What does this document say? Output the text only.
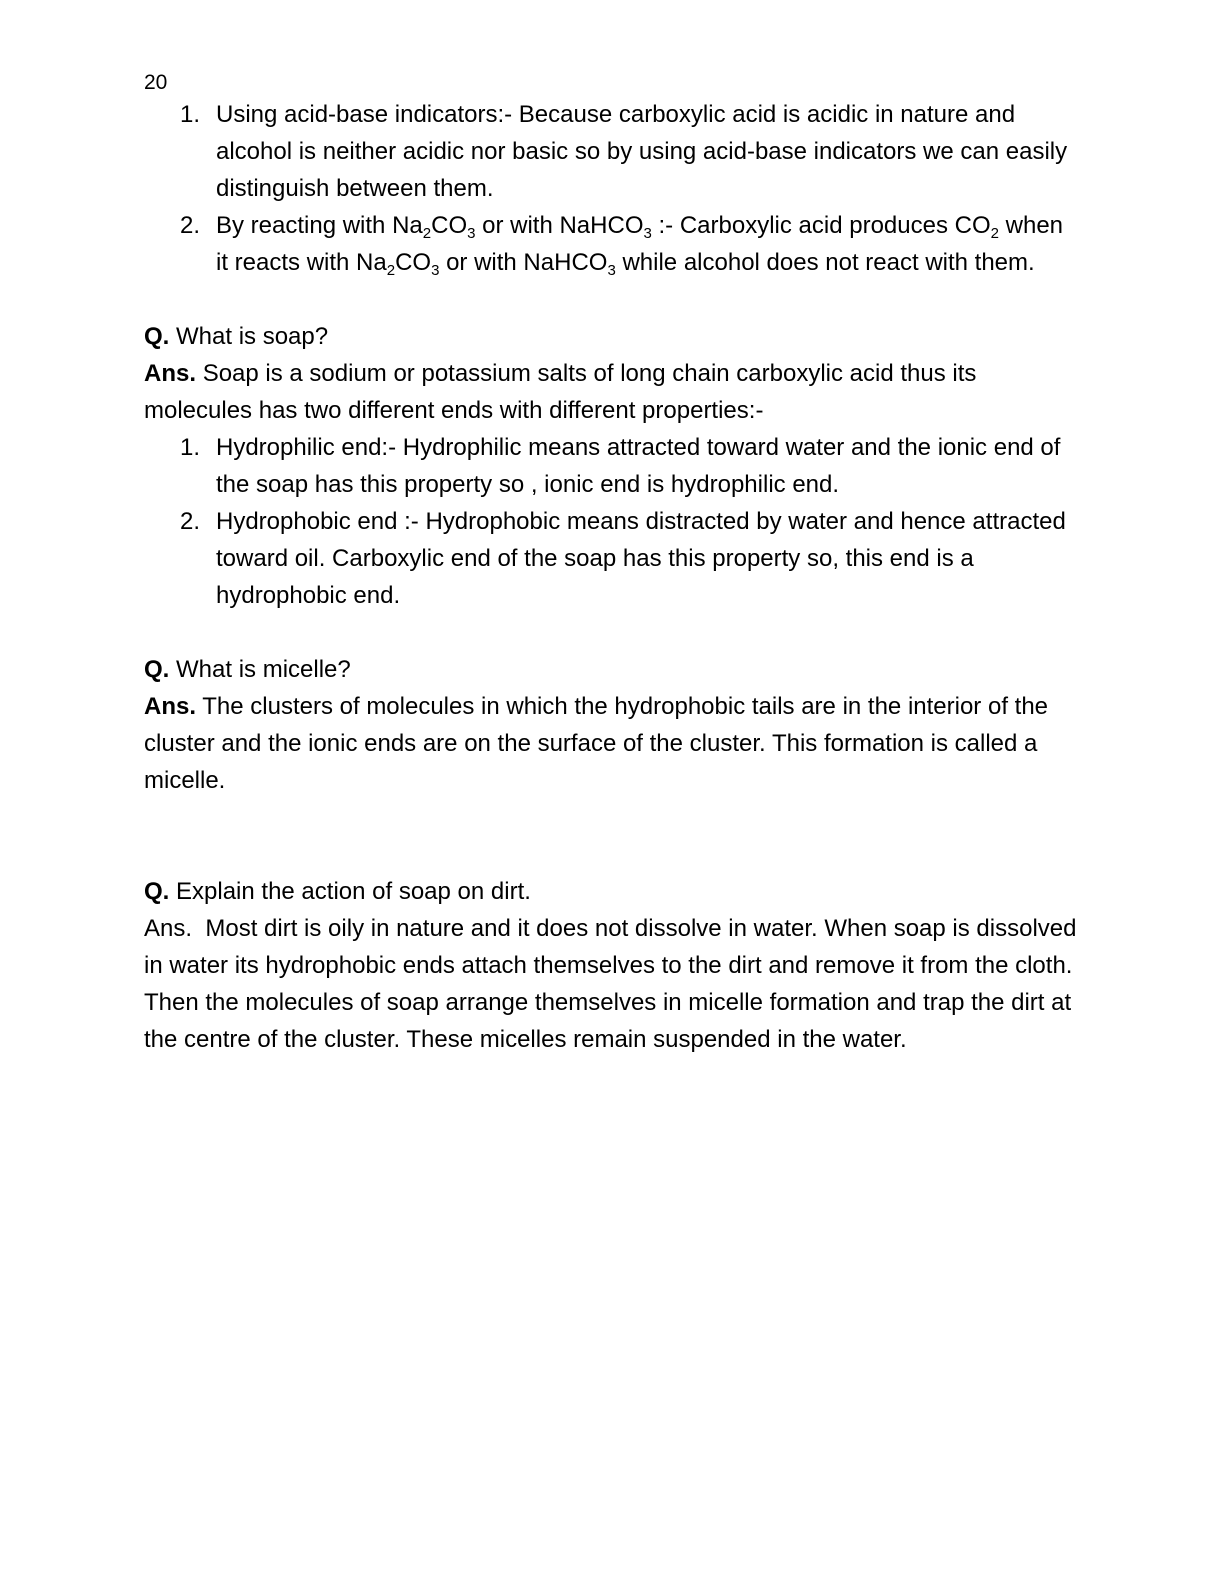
20
1. Using acid-base indicators:- Because carboxylic acid is acidic in nature and alcohol is neither acidic nor basic so by using acid-base indicators we can easily distinguish between them.
2. By reacting with $Na_2CO_3$ or with NaHCO$_3$ :- Carboxylic acid produces $CO_2$ when it reacts with $Na_2CO_3$ or with NaHCO$_3$ while alcohol does not react with them.

Q. What is soap?

Ans. Soap is a sodium or potassium salts of long chain carboxylic acid thus its molecules has two different ends with different properties:-

1. Hydrophilic end:- Hydrophilic means attracted toward water and the ionic end of the soap has this property so , ionic end is hydrophilic end.
2. Hydrophobic end :- Hydrophobic means distracted by water and hence attracted toward oil. Carboxylic end of the soap has this property so, this end is a hydrophobic end.

Q. What is micelle?

Ans. The clusters of molecules in which the hydrophobic tails are in the interior of the cluster and the ionic ends are on the surface of the cluster. This formation is called a micelle.

Q. Explain the action of soap on dirt.

Ans.  Most dirt is oily in nature and it does not dissolve in water. When soap is dissolved in water its hydrophobic ends attach themselves to the dirt and remove it from the cloth. Then the molecules of soap arrange themselves in micelle formation and trap the dirt at the centre of the cluster. These micelles remain suspended in the water.
